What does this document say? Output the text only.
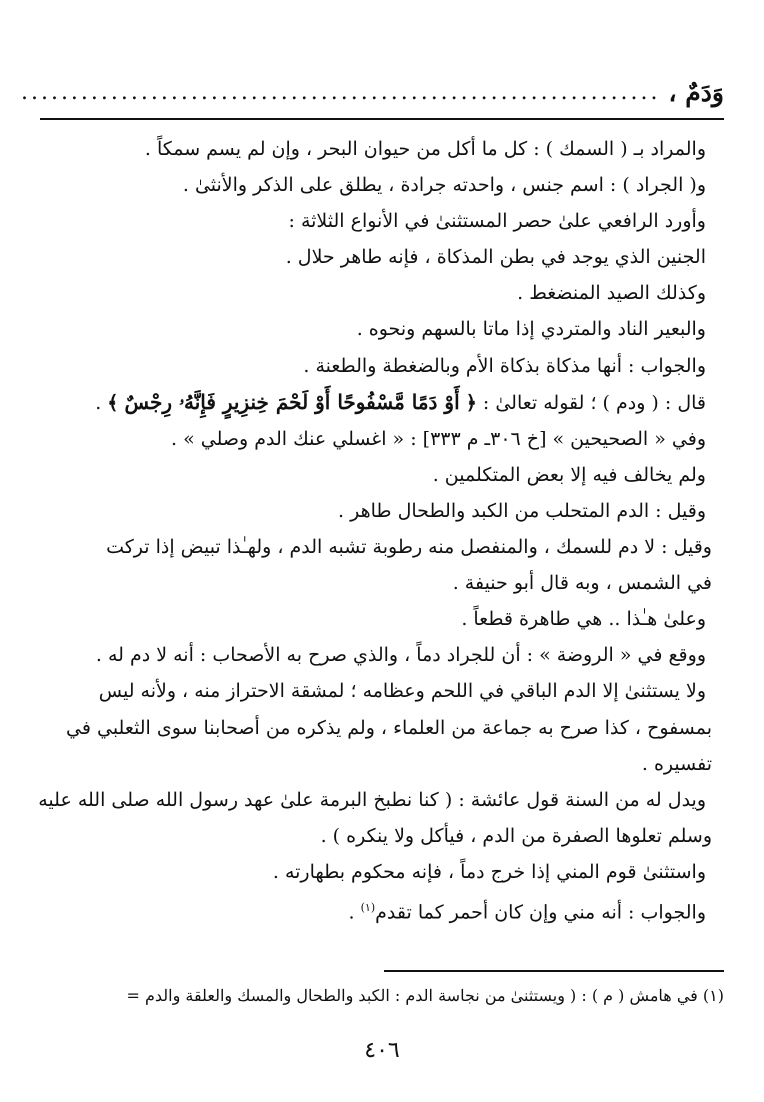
وَدَمٌ ،
................................................................
والمراد بـ ( السمك ) : كل ما أكل من حيوان البحر ، وإن لم يسم سمكاً .
و( الجراد ) : اسم جنس ، واحدته جرادة ، يطلق على الذكر والأنثىٰ .
وأورد الرافعي علىٰ حصر المستثنىٰ في الأنواع الثلاثة :
الجنين الذي يوجد في بطن المذكاة ، فإنه طاهر حلال .
وكذلك الصيد المنضغط .
والبعير الناد والمتردي إذا ماتا بالسهم ونحوه .
والجواب : أنها مذكاة بذكاة الأم وبالضغطة والطعنة .
قال : ( ودم ) ؛ لقوله تعالىٰ : ﴿ أَوْ دَمًا مَّسْفُوحًا أَوْ لَحْمَ خِنزِيرٍ فَإِنَّهُۥ رِجْسٌ ﴾ .
وفي « الصحيحين » [خ ٣٠٦ـ م ٣٣٣] : « اغسلي عنك الدم وصلي » .
ولم يخالف فيه إلا بعض المتكلمين .
وقيل : الدم المتحلب من الكبد والطحال طاهر .
وقيل : لا دم للسمك ، والمنفصل منه رطوبة تشبه الدم ، ولهـٰذا تبيض إذا تركت
في الشمس ، وبه قال أبو حنيفة .
وعلىٰ هـٰذا .. هي طاهرة قطعاً .
ووقع في « الروضة » : أن للجراد دماً ، والذي صرح به الأصحاب : أنه لا دم له .
ولا يستثنىٰ إلا الدم الباقي في اللحم وعظامه ؛ لمشقة الاحتراز منه ، ولأنه ليس
بمسفوح ، كذا صرح به جماعة من العلماء ، ولم يذكره من أصحابنا سوى الثعلبي في
تفسيره .
ويدل له من السنة قول عائشة : ( كنا نطبخ البرمة علىٰ عهد رسول الله صلى الله عليه
وسلم تعلوها الصفرة من الدم ، فيأكل ولا ينكره ) .
واستثنىٰ قوم المني إذا خرج دماً ، فإنه محكوم بطهارته .
والجواب : أنه مني وإن كان أحمر كما تقدم$^{(١)}$ .
(١) في هامش ( م ) : ( ويستثنىٰ من نجاسة الدم : الكبد والطحال والمسك والعلقة والدم =
٤٠٦
